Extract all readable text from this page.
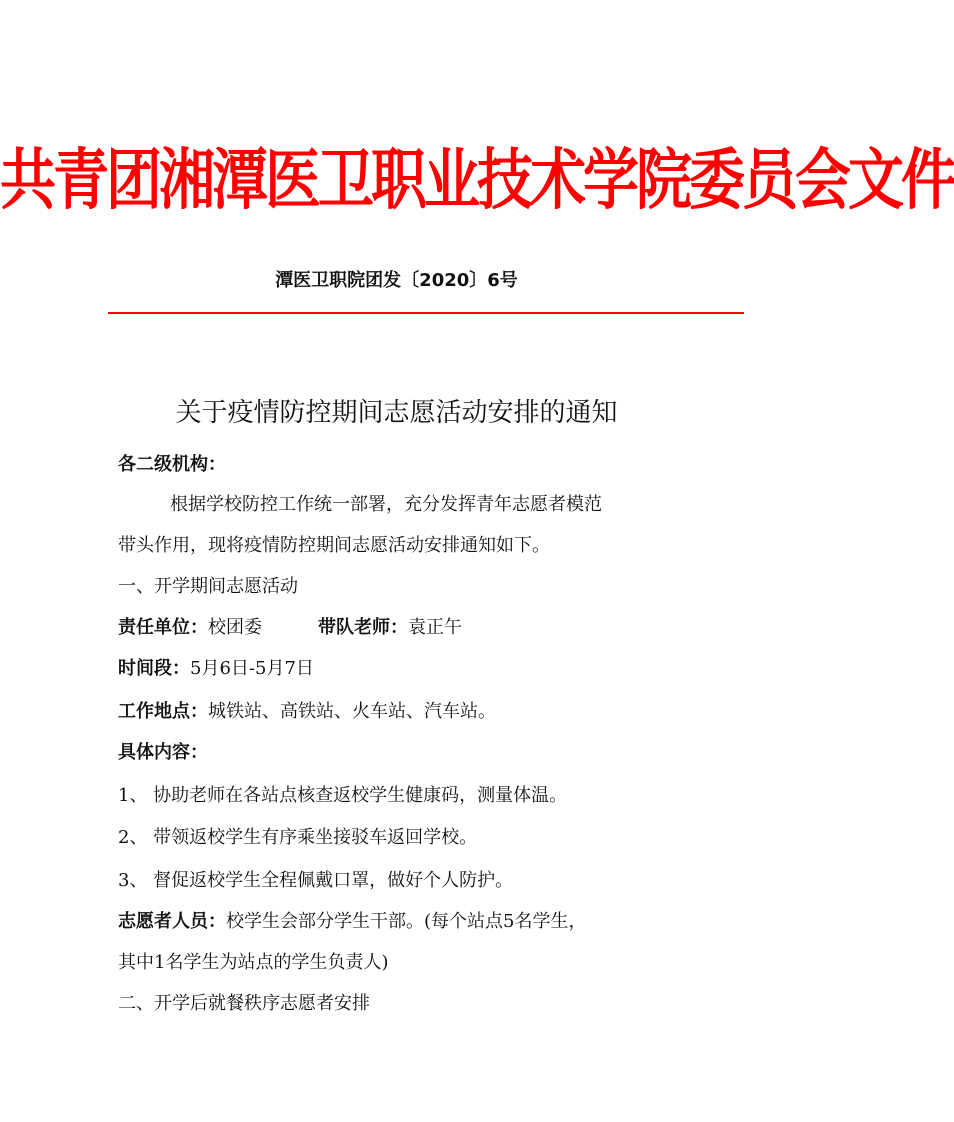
共青团湘潭医卫职业技术学院委员会文件
潭医卫职院团发〔2020〕6号
关于疫情防控期间志愿活动安排的通知
各二级机构：
根据学校防控工作统一部署，充分发挥青年志愿者模范
带头作用，现将疫情防控期间志愿活动安排通知如下。
一、开学期间志愿活动
责任单位：校团委	带队老师：袁正午
时间段：5月6日-5月7日
工作地点：城铁站、高铁站、火车站、汽车站。
具体内容：
1、 协助老师在各站点核查返校学生健康码，测量体温。
2、 带领返校学生有序乘坐接驳车返回学校。
3、 督促返校学生全程佩戴口罩，做好个人防护。
志愿者人员：校学生会部分学生干部。(每个站点5名学生，
其中1名学生为站点的学生负责人)
二、开学后就餐秩序志愿者安排
